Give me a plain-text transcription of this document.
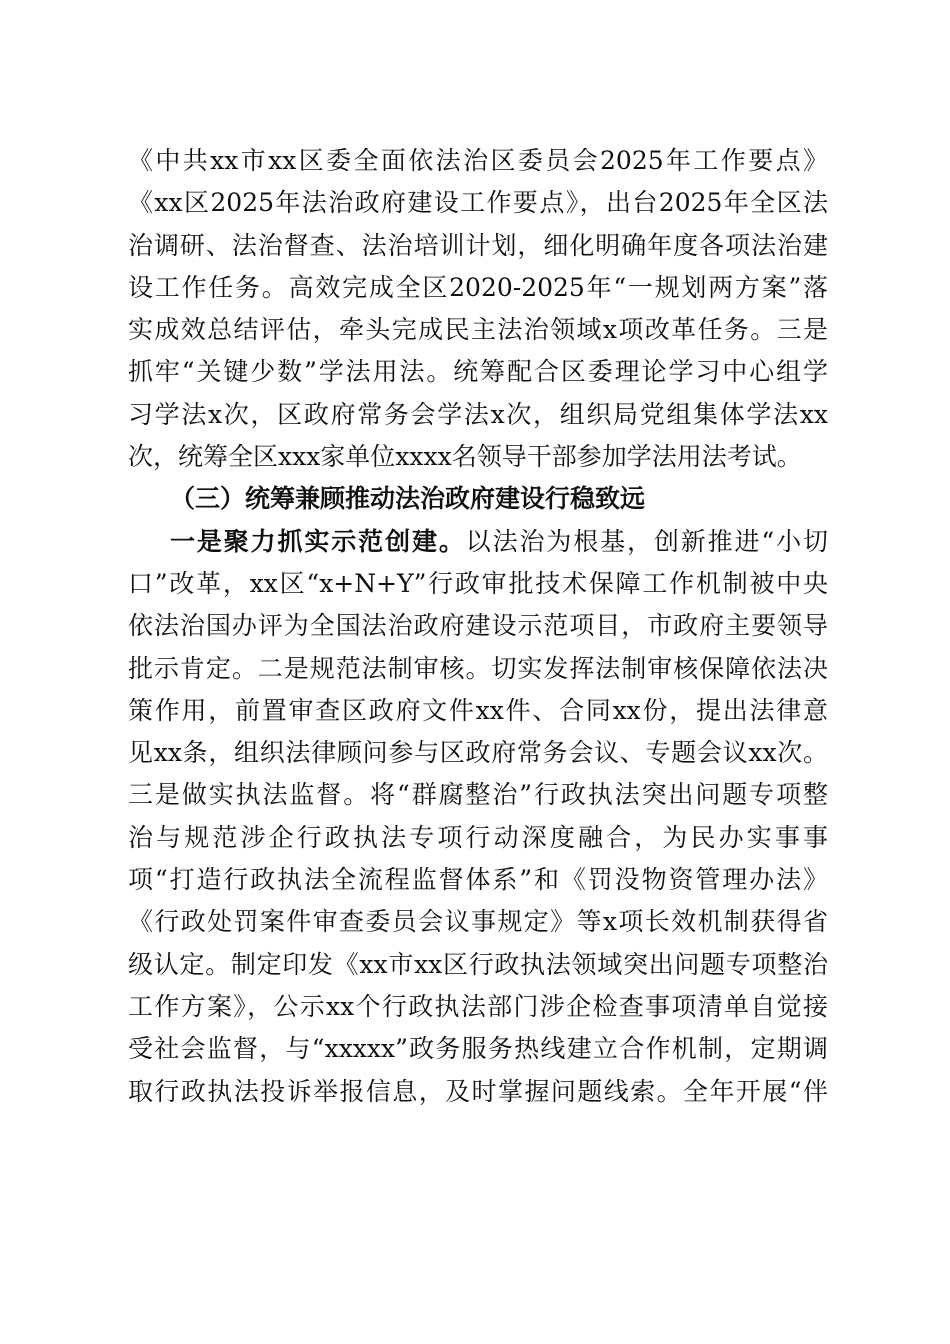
《中共xx市xx区委全面依法治区委员会2025年工作要点》
《xx区2025年法治政府建设工作要点》，出台2025年全区法
治调研、法治督查、法治培训计划，细化明确年度各项法治建
设工作任务。高效完成全区2020-2025年“一规划两方案”落
实成效总结评估，牵头完成民主法治领域x项改革任务。三是
抓牢“关键少数”学法用法。统筹配合区委理论学习中心组学
习学法x次，区政府常务会学法x次，组织局党组集体学法xx
次，统筹全区xxx家单位xxxx名领导干部参加学法用法考试。
（三）统筹兼顾推动法治政府建设行稳致远
一是聚力抓实示范创建。以法治为根基，创新推进“小切
口”改革，xx区“x+N+Y”行政审批技术保障工作机制被中央
依法治国办评为全国法治政府建设示范项目，市政府主要领导
批示肯定。二是规范法制审核。切实发挥法制审核保障依法决
策作用，前置审查区政府文件xx件、合同xx份，提出法律意
见xx条，组织法律顾问参与区政府常务会议、专题会议xx次。
三是做实执法监督。将“群腐整治”行政执法突出问题专项整
治与规范涉企行政执法专项行动深度融合，为民办实事事
项“打造行政执法全流程监督体系”和《罚没物资管理办法》
《行政处罚案件审查委员会议事规定》等x项长效机制获得省
级认定。制定印发《xx市xx区行政执法领域突出问题专项整治
工作方案》，公示xx个行政执法部门涉企检查事项清单自觉接
受社会监督，与“xxxxx”政务服务热线建立合作机制，定期调
取行政执法投诉举报信息，及时掌握问题线索。全年开展“伴
